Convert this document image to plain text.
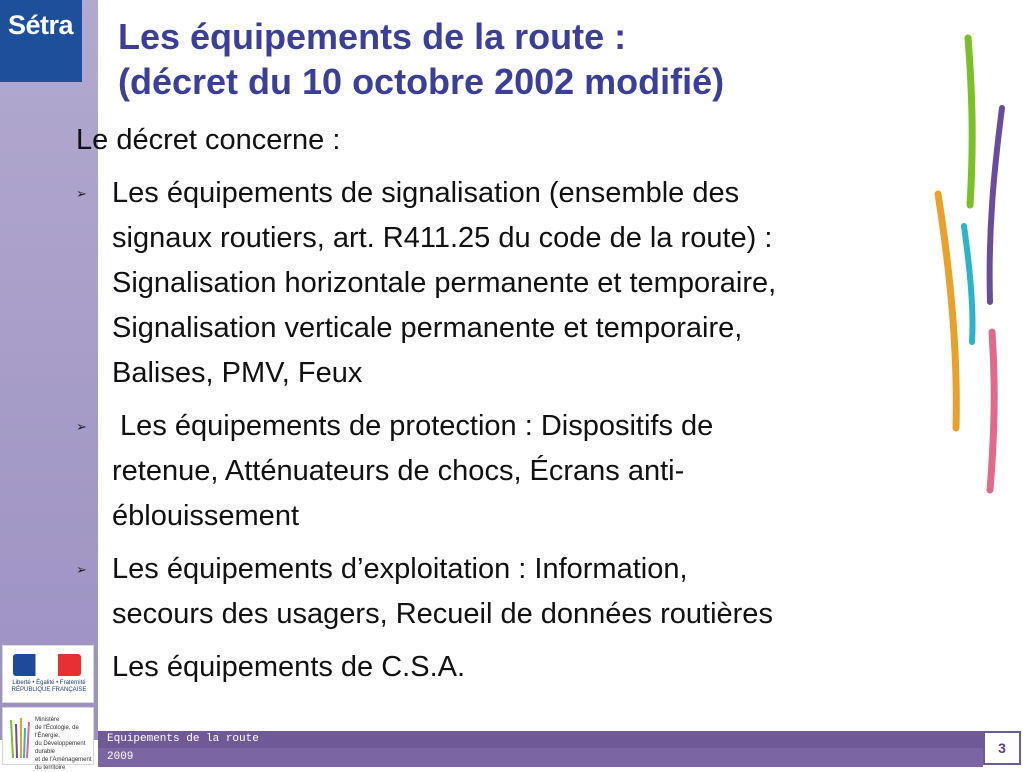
Sétra Les équipements de la route :
(décret du 10 octobre 2002 modifié)

Le décret concerne :

➢ Les équipements de signalisation (ensemble des
signaux routiers, art. R411.25 du code de la route) :
Signalisation horizontale permanente et temporaire,
Signalisation verticale permanente et temporaire,
Balises, PMV, Feux
➢ Les équipements de protection : Dispositifs de
retenue, Atténuateurs de chocs, Écrans anti-
éblouissement
➢ Les équipements d’exploitation : Information,
secours des usagers, Recueil de données routières
Les équipements de C.S.A.
Liberté • Égalité • Fraternité
RÉPUBLIQUE FRANÇAISE
Ministère
de l'Écologie, de l'Énergie,
du Développement durable
et de l'Aménagement
du territoire
Equipements de la route
2009
3
